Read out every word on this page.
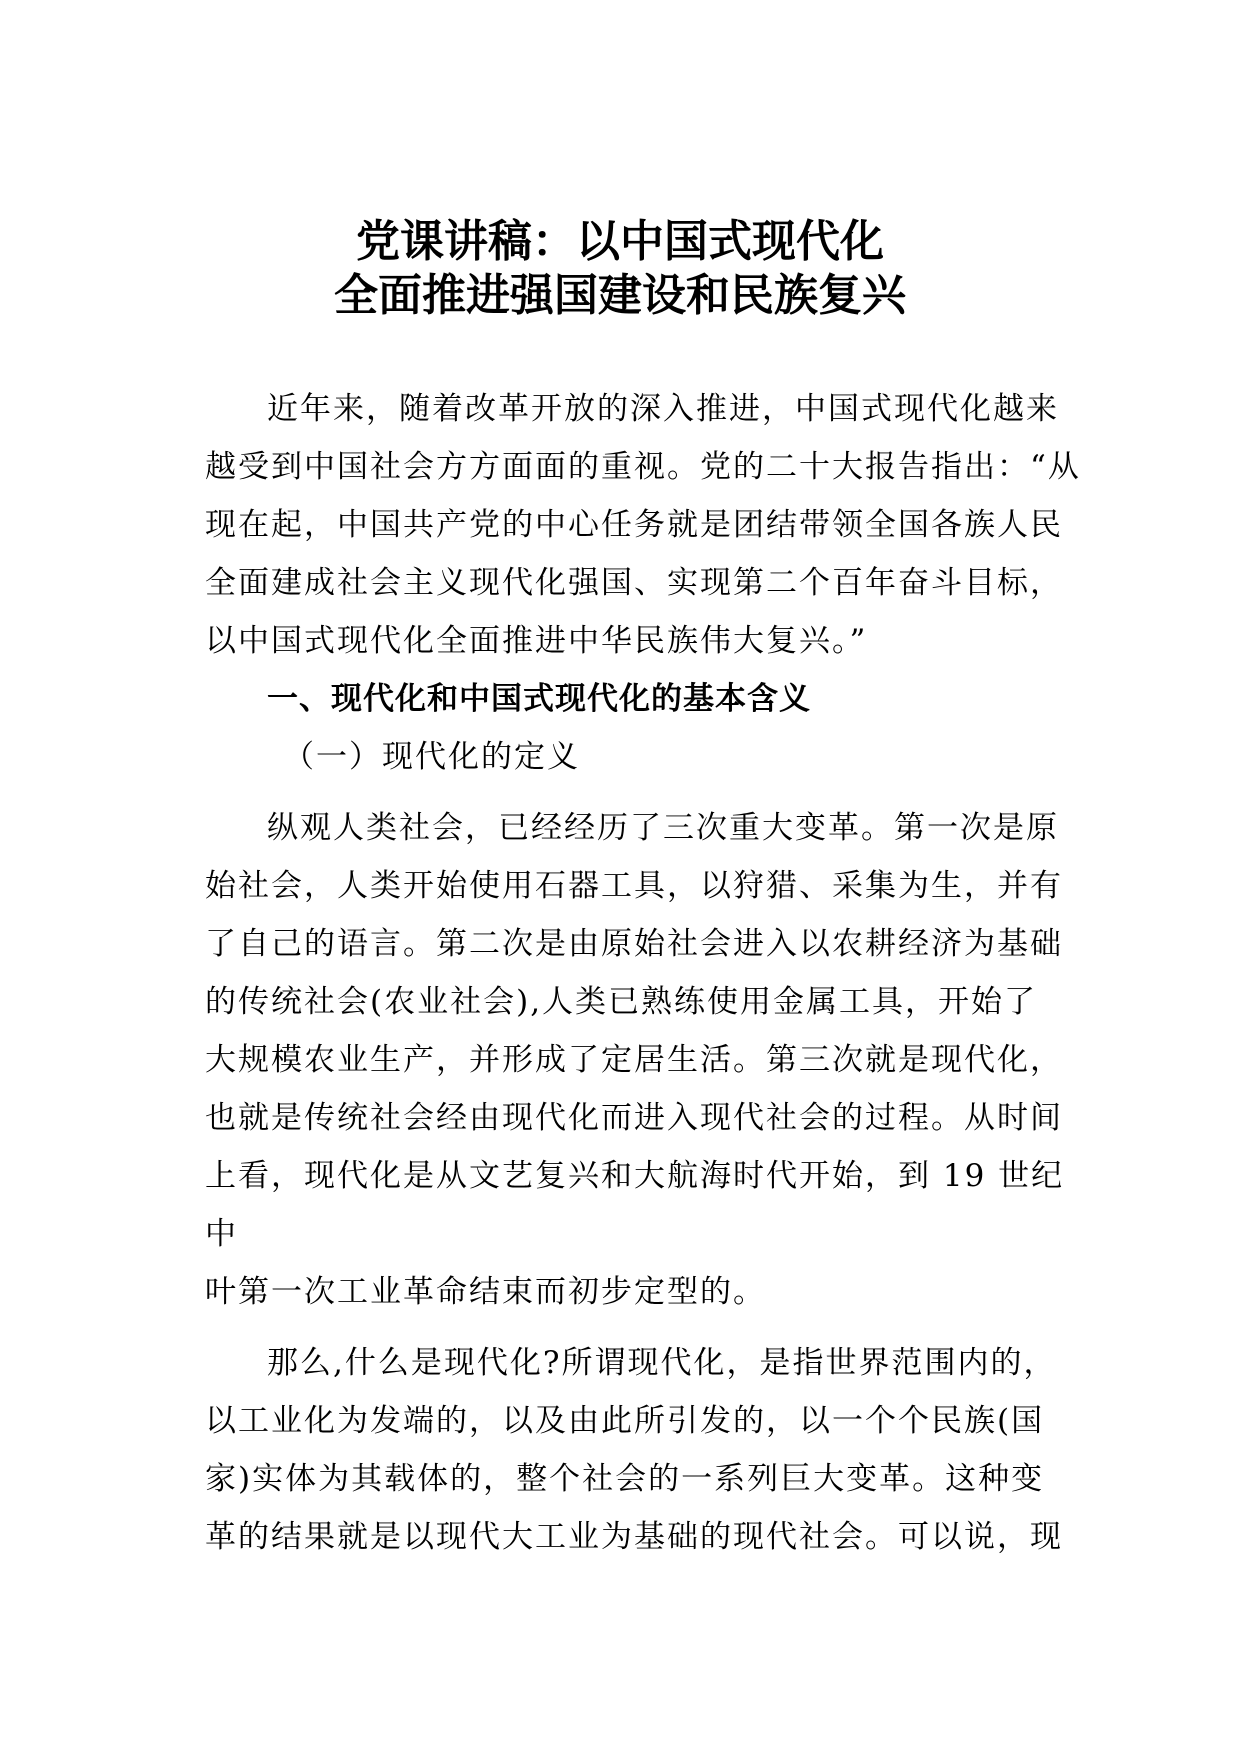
党课讲稿：以中国式现代化
全面推进强国建设和民族复兴

近年来，随着改革开放的深入推进，中国式现代化越来

越受到中国社会方方面面的重视。党的二十大报告指出：“从

现在起，中国共产党的中心任务就是团结带领全国各族人民

全面建成社会主义现代化强国、实现第二个百年奋斗目标，

以中国式现代化全面推进中华民族伟大复兴。”

一、现代化和中国式现代化的基本含义

（一）现代化的定义

纵观人类社会，已经经历了三次重大变革。第一次是原

始社会，人类开始使用石器工具，以狩猎、采集为生，并有

了自己的语言。第二次是由原始社会进入以农耕经济为基础

的传统社会(农业社会),人类已熟练使用金属工具，开始了

大规模农业生产，并形成了定居生活。第三次就是现代化，

也就是传统社会经由现代化而进入现代社会的过程。从时间

上看，现代化是从文艺复兴和大航海时代开始，到 19 世纪

中

叶第一次工业革命结束而初步定型的。

那么,什么是现代化?所谓现代化，是指世界范围内的，

以工业化为发端的，以及由此所引发的，以一个个民族(国

家)实体为其载体的，整个社会的一系列巨大变革。这种变

革的结果就是以现代大工业为基础的现代社会。可以说，现
